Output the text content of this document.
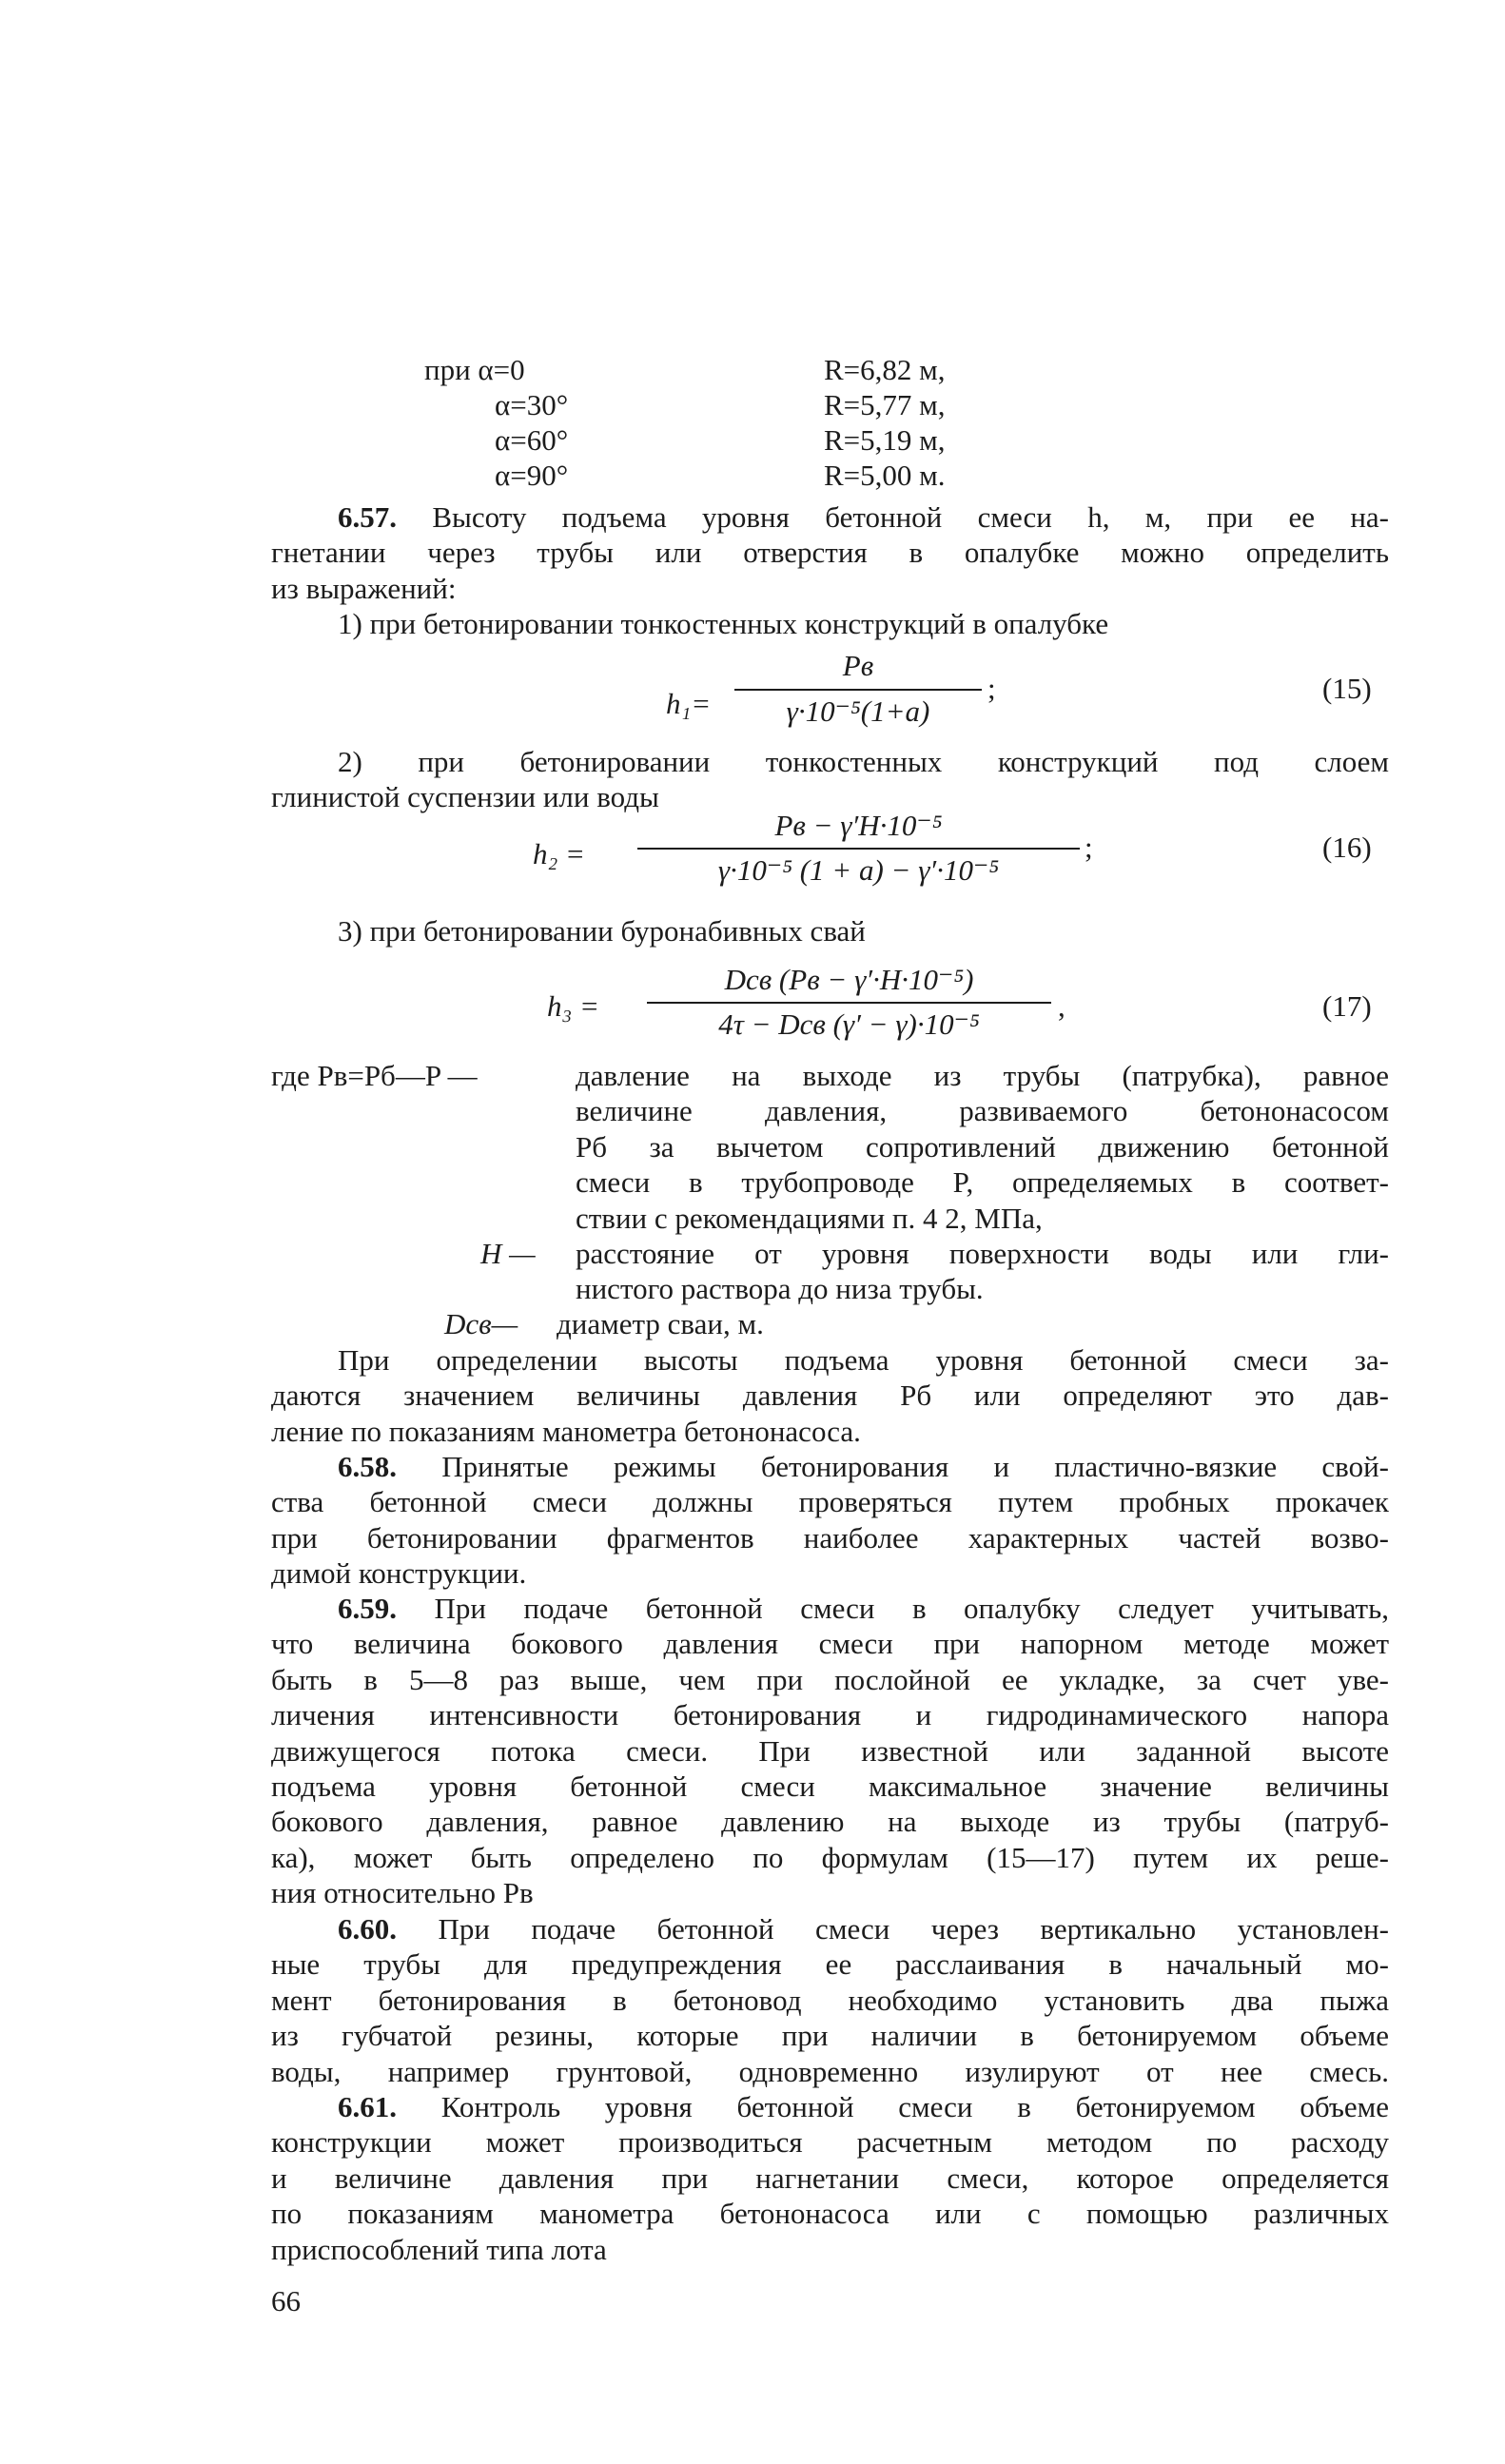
при α=0	R=6,82 м,
α=30°	R=5,77 м,
α=60°	R=5,19 м,
α=90°	R=5,00 м.
6.57. Высоту подъема уровня бетонной смеси h, м, при ее на-
гнетании через трубы или отверстия в опалубке можно определить
из выражений:
1) при бетонировании тонкостенных конструкций в опалубке
h₁=
Pв
γ·10⁻⁵(1+a)
;	(15)
2) при бетонировании тонкостенных конструкций под слоем
глинистой суспензии или воды
h₂ =
Pв − γ′H·10⁻⁵
γ·10⁻⁵ (1 + a) − γ′·10⁻⁵
;	(16)
3) при бетонировании буронабивных свай
h₃ =
Dсв (Pв − γ′·H·10⁻⁵)
4τ − Dсв (γ′ − γ)·10⁻⁵
,	(17)
где Pв=Pб—P —	давление на выходе из трубы (патрубка), равное
величине давления, развиваемого бетононасосом
Pб за вычетом сопротивлений движению бетонной
смеси в трубопроводе P, определяемых в соответ-
ствии с рекомендациями п. 4 2, МПа,
H — расстояние от уровня поверхности воды или гли-
нистого раствора до низа трубы.
Dсв— диаметр сваи, м.
При определении высоты подъема уровня бетонной смеси за-
даются значением величины давления Pб или определяют это дав-
ление по показаниям манометра бетононасоса.
6.58. Принятые режимы бетонирования и пластично-вязкие свой-
ства бетонной смеси должны проверяться путем пробных прокачек
при бетонировании фрагментов наиболее характерных частей возво-
димой конструкции.
6.59. При подаче бетонной смеси в опалубку следует учитывать,
что величина бокового давления смеси при напорном методе может
быть в 5—8 раз выше, чем при послойной ее укладке, за счет уве-
личения интенсивности бетонирования и гидродинамического напора
движущегося потока смеси. При известной или заданной высоте
подъема уровня бетонной смеси максимальное значение величины
бокового давления, равное давлению на выходе из трубы (патруб-
ка), может быть определено по формулам (15—17) путем их реше-
ния относительно Pв
6.60. При подаче бетонной смеси через вертикально установлен-
ные трубы для предупреждения ее расслаивания в начальный мо-
мент бетонирования в бетоновод необходимо установить два пыжа
из губчатой резины, которые при наличии в бетонируемом объеме
воды, например грунтовой, одновременно изулируют от нее смесь.
6.61. Контроль уровня бетонной смеси в бетонируемом объеме
конструкции может производиться расчетным методом по расходу
и величине давления при нагнетании смеси, которое определяется
по показаниям манометра бетононасоса или с помощью различных
приспособлений типа лота
66
